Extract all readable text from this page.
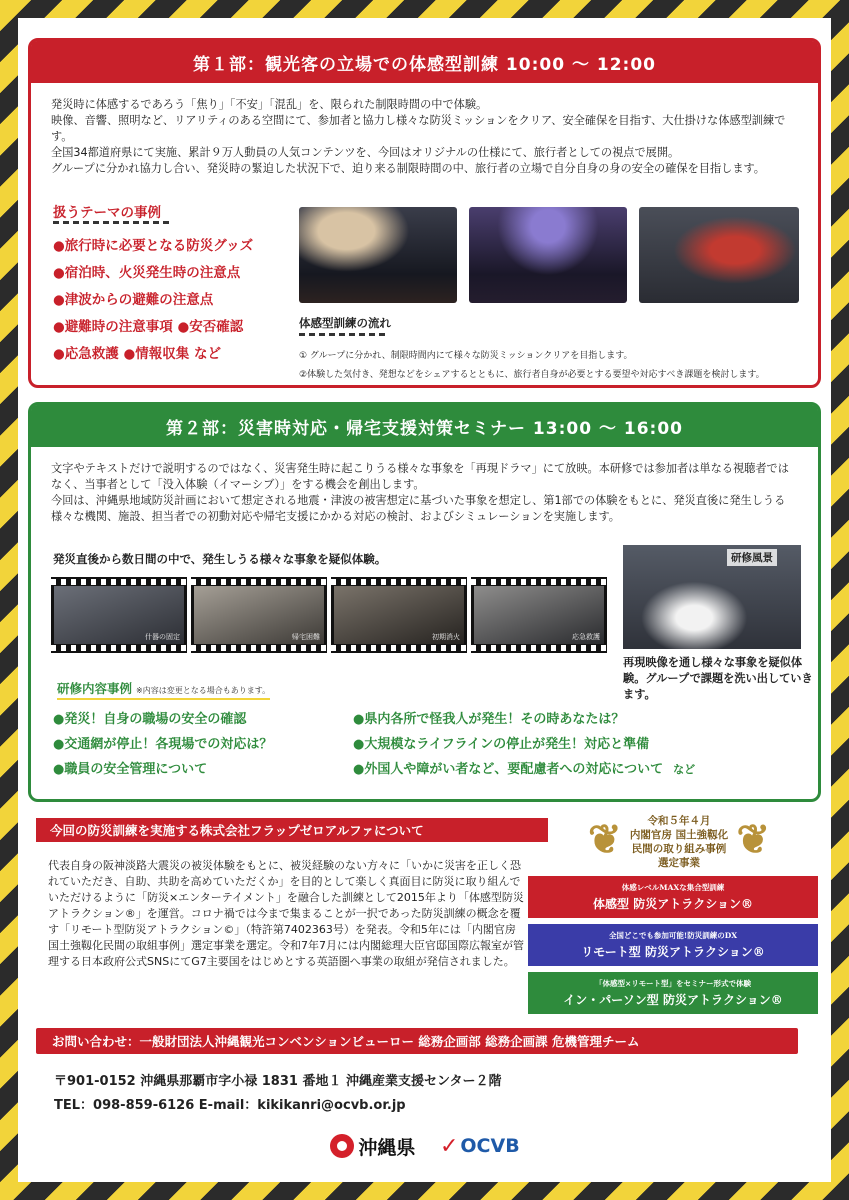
第１部：観光客の立場での体感型訓練 10:00 ～ 12:00

発災時に体感するであろう「焦り」「不安」「混乱」を、限られた制限時間の中で体験。

映像、音響、照明など、リアリティのある空間にて、参加者と協力し様々な防災ミッションをクリア、安全確保を目指す、大仕掛けな体感型訓練です。

全国34都道府県にて実施、累計９万人動員の人気コンテンツを、今回はオリジナルの仕様にて、旅行者としての視点で展開。

グループに分かれ協力し合い、発災時の緊迫した状況下で、迫り来る制限時間の中、旅行者の立場で自分自身の身の安全の確保を目指します。

扱うテーマの事例
●旅行時に必要となる防災グッズ
●宿泊時、火災発生時の注意点
●津波からの避難の注意点
●避難時の注意事項 ●安否確認
●応急救護 ●情報収集 など
体感型訓練の流れ
① グループに分かれ、制限時間内にて様々な防災ミッションクリアを目指します。
②体験した気付き、発想などをシェアするとともに、旅行者自身が必要とする要望や対応すべき課題を検討します。
第２部：災害時対応・帰宅支援対策セミナー 13:00 ～ 16:00

文字やテキストだけで説明するのではなく、災害発生時に起こりうる様々な事象を「再現ドラマ」にて放映。本研修では参加者は単なる視聴者ではなく、当事者として「没入体験（イマーシブ）」をする機会を創出します。

今回は、沖縄県地域防災計画において想定される地震・津波の被害想定に基づいた事象を想定し、第1部での体験をもとに、発災直後に発生しうる様々な機関、施設、担当者での初動対応や帰宅支援にかかる対応の検討、およびシミュレーションを実施します。

発災直後から数日間の中で、発生しうる様々な事象を疑似体験。
什器の固定	帰宅困難	初期消火	応急救護
研修風景
再現映像を通し様々な事象を疑似体験。グループで課題を洗い出していきます。
研修内容事例 ※内容は変更となる場合もあります。
●発災！自身の職場の安全の確認
●交通網が停止！各現場での対応は？
●職員の安全管理について
●県内各所で怪我人が発生！その時あなたは？
●大規模なライフラインの停止が発生！対応と準備
●外国人や障がい者など、要配慮者への対応について など
今回の防災訓練を実施する株式会社フラップゼロアルファについて
代表自身の阪神淡路大震災の被災体験をもとに、被災経験のない方々に「いかに災害を正しく恐れていただき、自助、共助を高めていただくか」を目的として楽しく真面目に防災に取り組んでいただけるように「防災×エンターテイメント」を融合した訓練として2015年より「体感型防災アトラクション®」を運営。コロナ禍では今まで集まることが一択であった防災訓練の概念を覆す「リモート型防災アトラクション©」（特許第7402363号）を発表。令和5年には「内閣官房 国土強靱化民間の取組事例」選定事業を選定。令和7年7月には内閣総理大臣官邸国際広報室が管理する日本政府公式SNSにてG7主要国をはじめとする英語圏へ事業の取組が発信されました。
❦	❦
令和５年４月
内閣官房 国土強靱化
民間の取り組み事例
選定事業
体感レベルMAXな集合型訓練
体感型 防災アトラクション®
全国どこでも参加可能!防災訓練のDX
リモート型 防災アトラクション®
「体感型×リモート型」をセミナー形式で体験
イン・パーソン型 防災アトラクション®
お問い合わせ：一般財団法人沖縄観光コンベンションビューロー 総務企画部 総務企画課 危機管理チーム
〒901-0152 沖縄県那覇市字小禄 1831 番地１ 沖縄産業支援センター２階
TEL：098-859-6126 E-mail：kikikanri@ocvb.or.jp
沖縄県 ✓ OCVB
